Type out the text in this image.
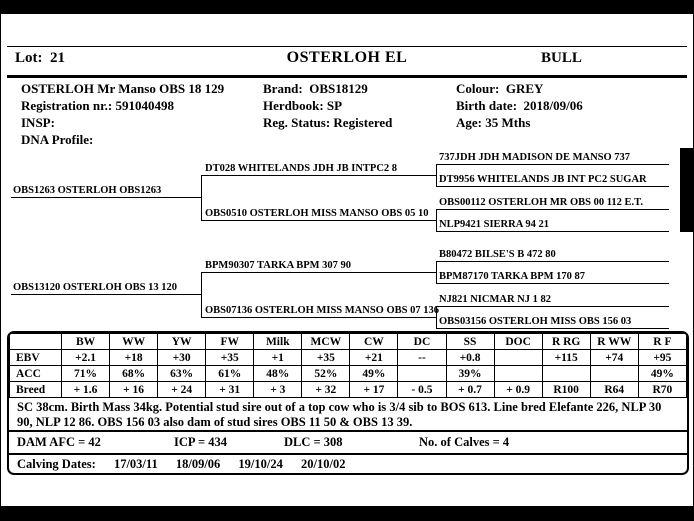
Lot:  21	OSTERLOH EL	BULL
OSTERLOH Mr Manso OBS 18 129	Brand:  OBS18129	Colour:  GREY
Registration nr.: 591040498	Herdbook: SP	Birth date:  2018/09/06
INSP:	Reg. Status: Registered	Age: 35 Mths
DNA Profile:
OBS1263 OSTERLOH OBS1263
OBS13120 OSTERLOH OBS 13 120
DT028 WHITELANDS JDH JB INTPC2 8
OBS0510 OSTERLOH MISS MANSO OBS 05 10
BPM90307 TARKA BPM 307 90
OBS07136 OSTERLOH MISS MANSO OBS 07 136
737JDH JDH MADISON DE MANSO 737
DT9956 WHITELANDS JB INT PC2 SUGAR
OBS00112 OSTERLOH MR OBS 00 112 E.T.
NLP9421 SIERRA 94 21
B80472 BILSE'S B 472 80
BPM87170 TARKA BPM 170 87
NJ821 NICMAR NJ 1 82
OBS03156 OSTERLOH MISS OBS 156 03
	BW	WW	YW	FW	Milk	MCW	CW	DC	SS	DOC	R RG	R WW	R F
EBV	+2.1	+18	+30	+35	+1	+35	+21	--	+0.8		+115	+74	+95
ACC	71%	68%	63%	61%	48%	52%	49%		39%				49%
Breed	+ 1.6	+ 16	+ 24	+ 31	+ 3	+ 32	+ 17	- 0.5	+ 0.7	+ 0.9	R100	R64	R70
SC 38cm. Birth Mass 34kg. Potential stud sire out of a top cow who is 3/4 sib to BOS 613. Line bred Elefante 226, NLP 30 90, NLP 12 86. OBS 156 03 also dam of stud sires OBS 11 50 & OBS 13 39.
DAM AFC = 42	ICP = 434	DLC = 308	No. of Calves = 4
Calving Dates: 17/03/11 18/09/06 19/10/24 20/10/02
